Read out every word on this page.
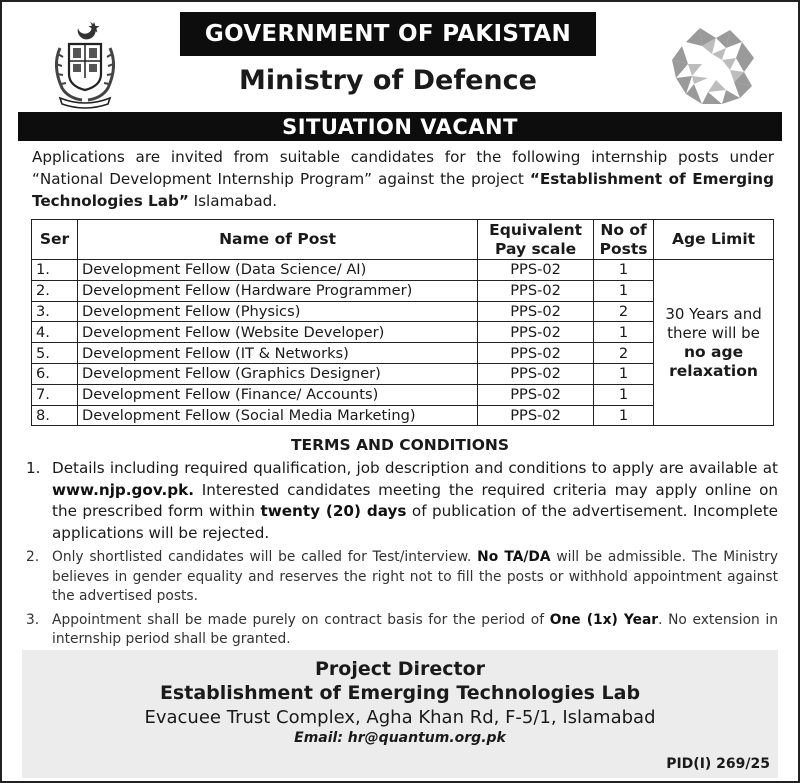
GOVERNMENT OF PAKISTAN
Ministry of Defence
SITUATION VACANT

Applications are invited from suitable candidates for the following internship posts under “National Development Internship Program” against the project “Establishment of Emerging Technologies Lab” Islamabad.

Ser	Name of Post	Equivalent Pay scale	No of Posts	Age Limit
1.	Development Fellow (Data Science/ AI)	PPS-02	1	30 Years and
there will be
no age
relaxation

2.	Development Fellow (Hardware Programmer)	PPS-02	1	
3.	Development Fellow (Physics)	PPS-02	2	
4.	Development Fellow (Website Developer)	PPS-02	1	
5.	Development Fellow (IT & Networks)	PPS-02	2	
6.	Development Fellow (Graphics Designer)	PPS-02	1	
7.	Development Fellow (Finance/ Accounts)	PPS-02	1	
8.	Development Fellow (Social Media Marketing)	PPS-02	1	
TERMS AND CONDITIONS
1. Details including required qualification, job description and conditions to apply are available at www.njp.gov.pk. Interested candidates meeting the required criteria may apply online on the prescribed form within twenty (20) days of publication of the advertisement. Incomplete applications will be rejected.
2. Only shortlisted candidates will be called for Test/interview. No TA/DA will be admissible. The Ministry believes in gender equality and reserves the right not to fill the posts or withhold appointment against the advertised posts.
3. Appointment shall be made purely on contract basis for the period of One (1x) Year. No extension in internship period shall be granted.
Project Director
Establishment of Emerging Technologies Lab
Evacuee Trust Complex, Agha Khan Rd, F-5/1, Islamabad
Email: hr@quantum.org.pk
PID(I) 269/25
